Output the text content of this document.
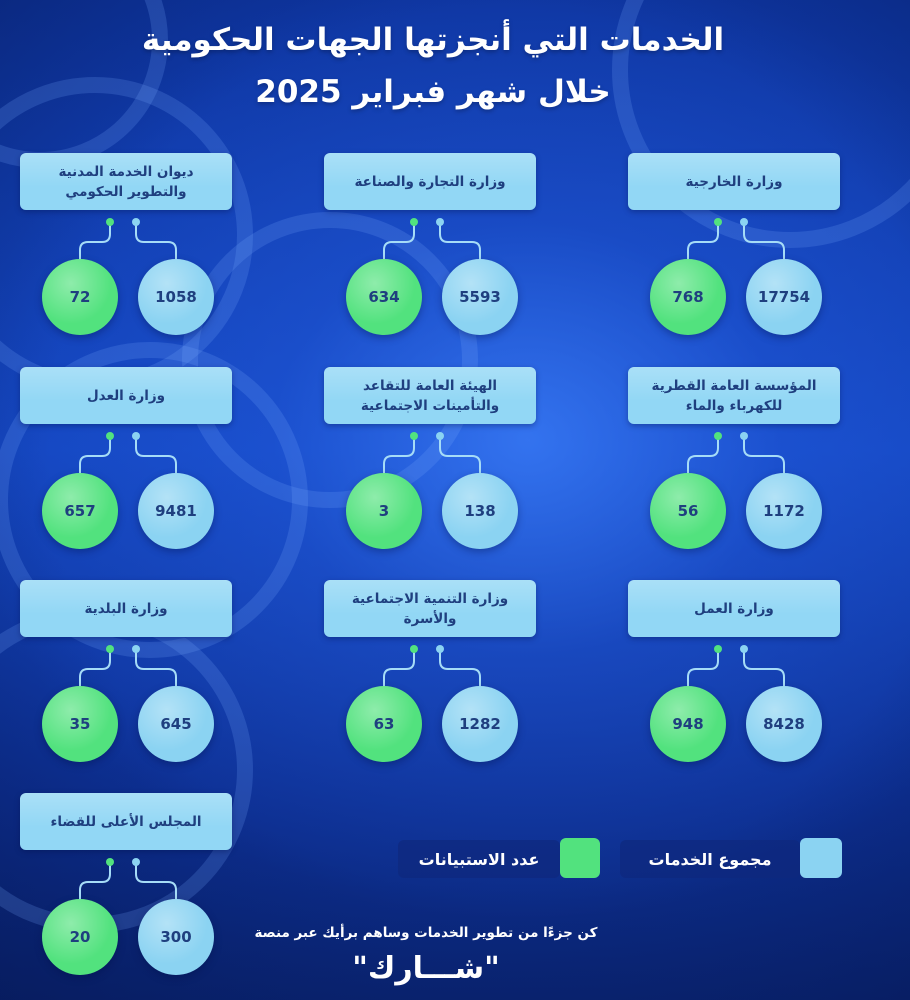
الخدمات التي أنجزتها الجهات الحكومية
خلال شهر فبراير 2025
وزارة الخارجية
768	17754
وزارة التجارة والصناعة
634	5593
ديوان الخدمة المدنية
والتطوير الحكومي
72	1058
المؤسسة العامة القطرية
للكهرباء والماء
56	1172
الهيئة العامة للتقاعد
والتأمينات الاجتماعية
3	138
وزارة العدل
657	9481
وزارة العمل
948	8428
وزارة التنمية الاجتماعية
والأسرة
63	1282
وزارة البلدية
35	645
المجلس الأعلى للقضاء
20	300
مجموع الخدمات
عدد الاستبيانات
كن جزءًا من تطوير الخدمات وساهم برأيك عبر منصة
"شـــارك"
